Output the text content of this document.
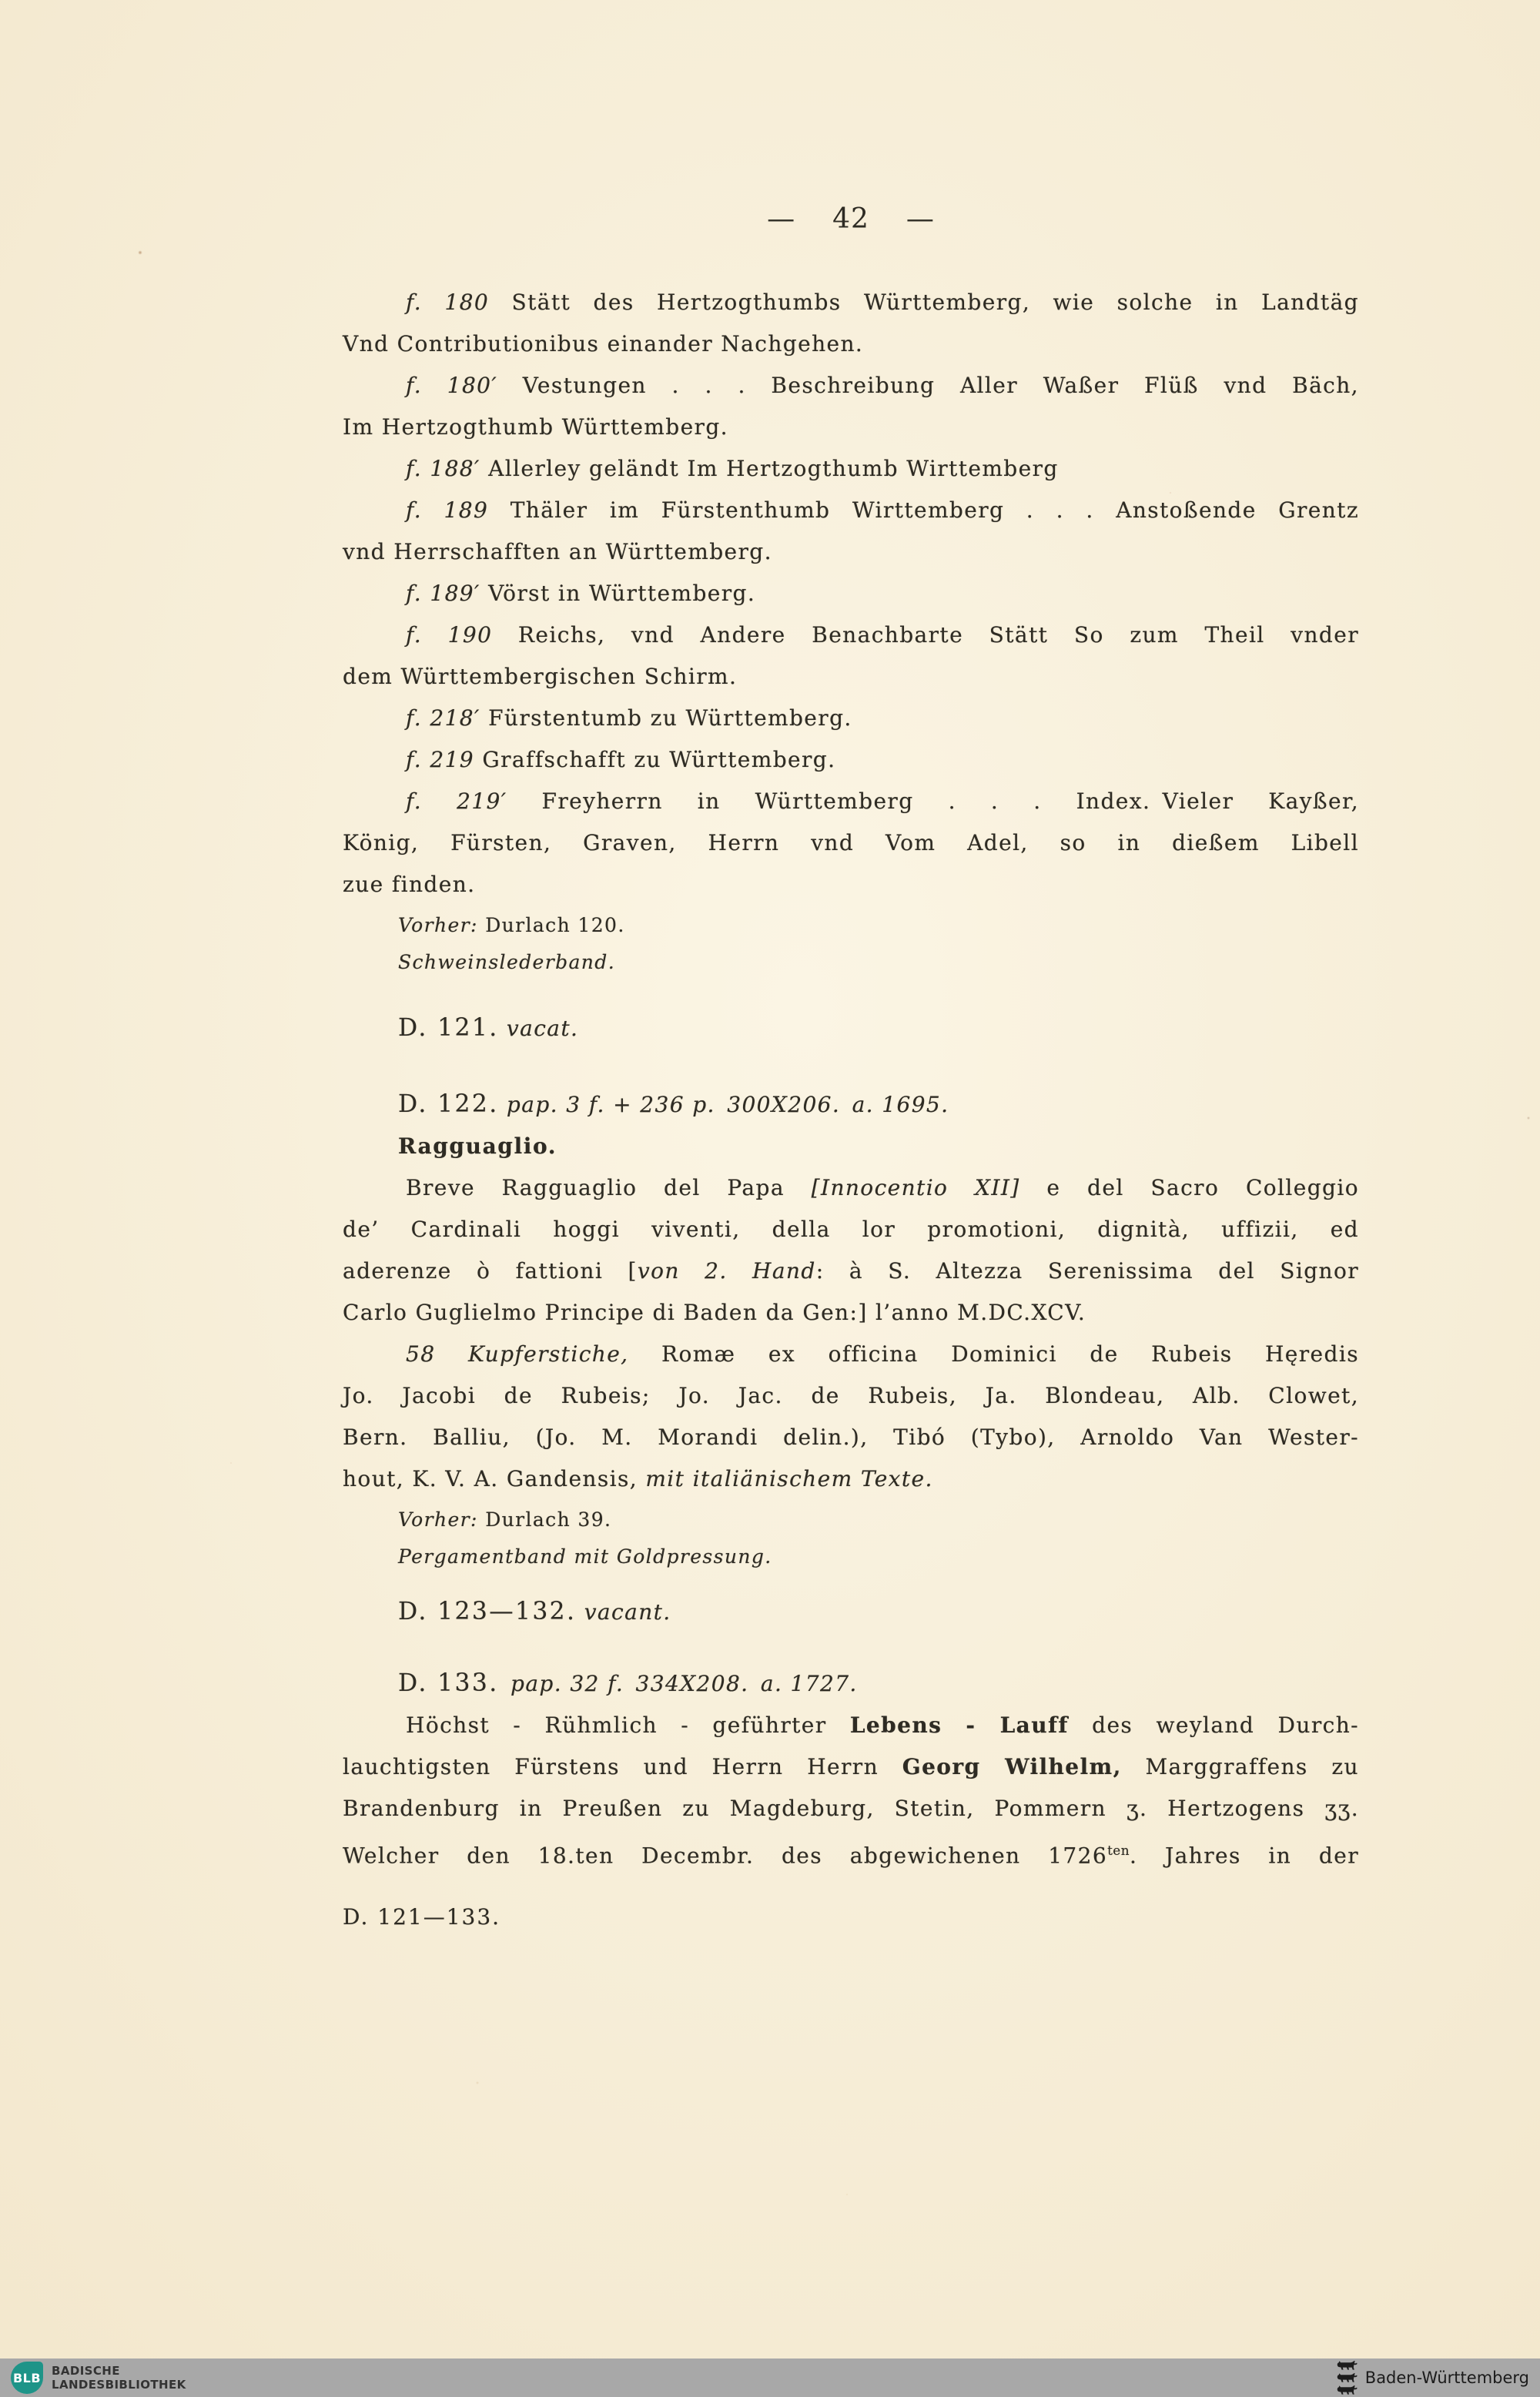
— 42 —

f. 180 Stätt des Hertzogthumbs Württemberg, wie solche in Landtäg

Vnd Contributionibus einander Nachgehen.

f. 180′ Vestungen . . . Beschreibung Aller Waßer Flüß vnd Bäch,

Im Hertzogthumb Württemberg.

f. 188′ Allerley geländt Im Hertzogthumb Wirttemberg

f. 189 Thäler im Fürstenthumb Wirttemberg . . . Anstoßende Grentz

vnd Herrschafften an Württemberg.

f. 189′ Vörst in Württemberg.

f. 190 Reichs, vnd Andere Benachbarte Stätt So zum Theil vnder

dem Württembergischen Schirm.

f. 218′ Fürstentumb zu Württemberg.

f. 219 Graffschafft zu Württemberg.

f. 219′ Freyherrn in Württemberg . . . Index. Vieler Kayßer,

König, Fürsten, Graven, Herrn vnd Vom Adel, so in dießem Libell

zue finden.

Vorher: Durlach 120.

Schweinslederband.

D. 121. vacat.

D. 122. pap. 3 f. + 236 p. 300X206. a. 1695.

Ragguaglio.

Breve Ragguaglio del Papa [Innocentio XII] e del Sacro Colleggio

de’ Cardinali hoggi viventi, della lor promotioni, dignità, uffizii, ed

aderenze ò fattioni [von 2. Hand: à S. Altezza Serenissima del Signor

Carlo Guglielmo Principe di Baden da Gen:] l’anno M.DC.XCV.

58 Kupferstiche, Romæ ex officina Dominici de Rubeis Hęredis

Jo. Jacobi de Rubeis; Jo. Jac. de Rubeis, Ja. Blondeau, Alb. Clowet,

Bern. Balliu, (Jo. M. Morandi delin.), Tibó (Tybo), Arnoldo Van Wester-

hout, K. V. A. Gandensis, mit italiänischem Texte.

Vorher: Durlach 39.

Pergamentband mit Goldpressung.

D. 123—132. vacant.

D. 133.  pap. 32 f. 334X208. a. 1727.

Höchst - Rühmlich - geführter Lebens - Lauff des weyland Durch-

lauchtigsten Fürstens und Herrn Herrn Georg Wilhelm, Marggraffens zu

Brandenburg in Preußen zu Magdeburg, Stetin, Pommern ʒ. Hertzogens ʒʒ.

Welcher den 18.ten Decembr. des abgewichenen $1726^{ten}$. Jahres in der

D. 121—133.

BLB BADISCHE
LANDESBIBLIOTHEK	Baden-Württemberg
